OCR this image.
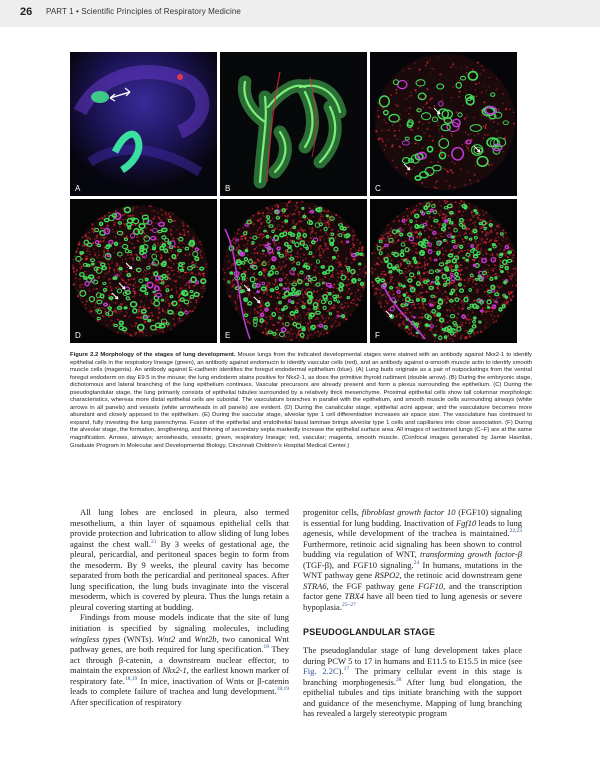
26 PART 1 • Scientific Principles of Respiratory Medicine
A	B	C
D	E	F
Figure 2.2 Morphology of the stages of lung development. Mouse lungs from the indicated developmental stages were stained with an antibody against Nkx2-1 to identify epithelial cells in the respiratory lineage (green), an antibody against endomucin to identify vascular cells (red), and an antibody against α-smooth muscle actin to identify smooth muscle cells (magenta). An antibody against E-cadherin identifies the foregut endodermal epithelium (blue). (A) Lung buds originate as a pair of outpocketings from the ventral foregut endoderm on day E9.5 in the mouse; the lung endoderm stains positive for Nkx2-1, as does the primitive thyroid rudiment (double arrow). (B) During the embryonic stage, dichotomous and lateral branching of the lung epithelium continues. Vascular precursors are already present and form a plexus surrounding the epithelium. (C) During the pseudoglandular stage, the lung primarily consists of epithelial tubules surrounded by a relatively thick mesenchyme. Proximal epithelial cells show tall columnar morphologic characteristics, whereas more distal epithelial cells are cuboidal. The vasculature branches in parallel with the epithelium, and smooth muscle cells surrounding airways (white arrows in all panels) and vessels (white arrowheads in all panels) are evident. (D) During the canalicular stage, epithelial acini appear, and the vasculature becomes more abundant and closely apposed to the epithelium. (E) During the saccular stage, alveolar type 1 cell differentiation increases air space size. The vasculature has continued to expand, fully investing the lung parenchyma. Fusion of the epithelial and endothelial basal laminae brings alveolar type 1 cells and capillaries into close association. (F) During the alveolar stage, the formation, lengthening, and thinning of secondary septa markedly increase the epithelial surface area. All images of sectioned lungs (C–F) are at the same magnification. Arrows, airways; arrowheads, vessels; green, respiratory lineage; red, vascular; magenta, smooth muscle. (Confocal images generated by Jamie Havrilak, Graduate Program in Molecular and Developmental Biology, Cincinnati Children's Hospital Medical Center.)

All lung lobes are enclosed in pleura, also termed mesothelium, a thin layer of squamous epithelial cells that provide protection and lubrication to allow sliding of lung lobes against the chest wall.$^{21}$ By 3 weeks of gestational age, the pleural, pericardial, and peritoneal spaces begin to form from the mesoderm. By 9 weeks, the pleural cavity has become separated from both the pericardial and peritoneal spaces. After lung specification, the lung buds invaginate into the visceral mesoderm, which is covered by pleura. Thus the lungs retain a pleural covering starting at budding.

Findings from mouse models indicate that the site of lung initiation is specified by signaling molecules, including wingless types (WNTs). Wnt2 and Wnt2b, two canonical Wnt pathway genes, are both required for lung specification.$^{18}$ They act through β-catenin, a downstream nuclear effector, to maintain the expression of Nkx2-1, the earliest known marker of respiratory fate.$^{18,19}$ In mice, inactivation of Wnts or β-catenin leads to complete failure of trachea and lung development.$^{18,19}$ After specification of respiratory

progenitor cells, fibroblast growth factor 10 (FGF10) signaling is essential for lung budding. Inactivation of Fgf10 leads to lung agenesis, while development of the trachea is maintained.$^{22,23}$ Furthermore, retinoic acid signaling has been shown to control budding via regulation of WNT, transforming growth factor-β (TGF-β), and FGF10 signaling.$^{24}$ In humans, mutations in the WNT pathway gene RSPO2, the retinoic acid downstream gene STRA6, the FGF pathway gene FGF10, and the transcription factor gene TBX4 have all been tied to lung agenesis or severe hypoplasia.$^{25-27}$

PSEUDOGLANDULAR STAGE

The pseudoglandular stage of lung development takes place during PCW 5 to 17 in humans and E11.5 to E15.5 in mice (see Fig. 2.2C).$^{17}$ The primary cellular event in this stage is branching morphogenesis.$^{28}$ After lung bud elongation, the epithelial tubules and tips initiate branching with the support and guidance of the mesenchyme. Mapping of lung branching has revealed a largely stereotypic program
